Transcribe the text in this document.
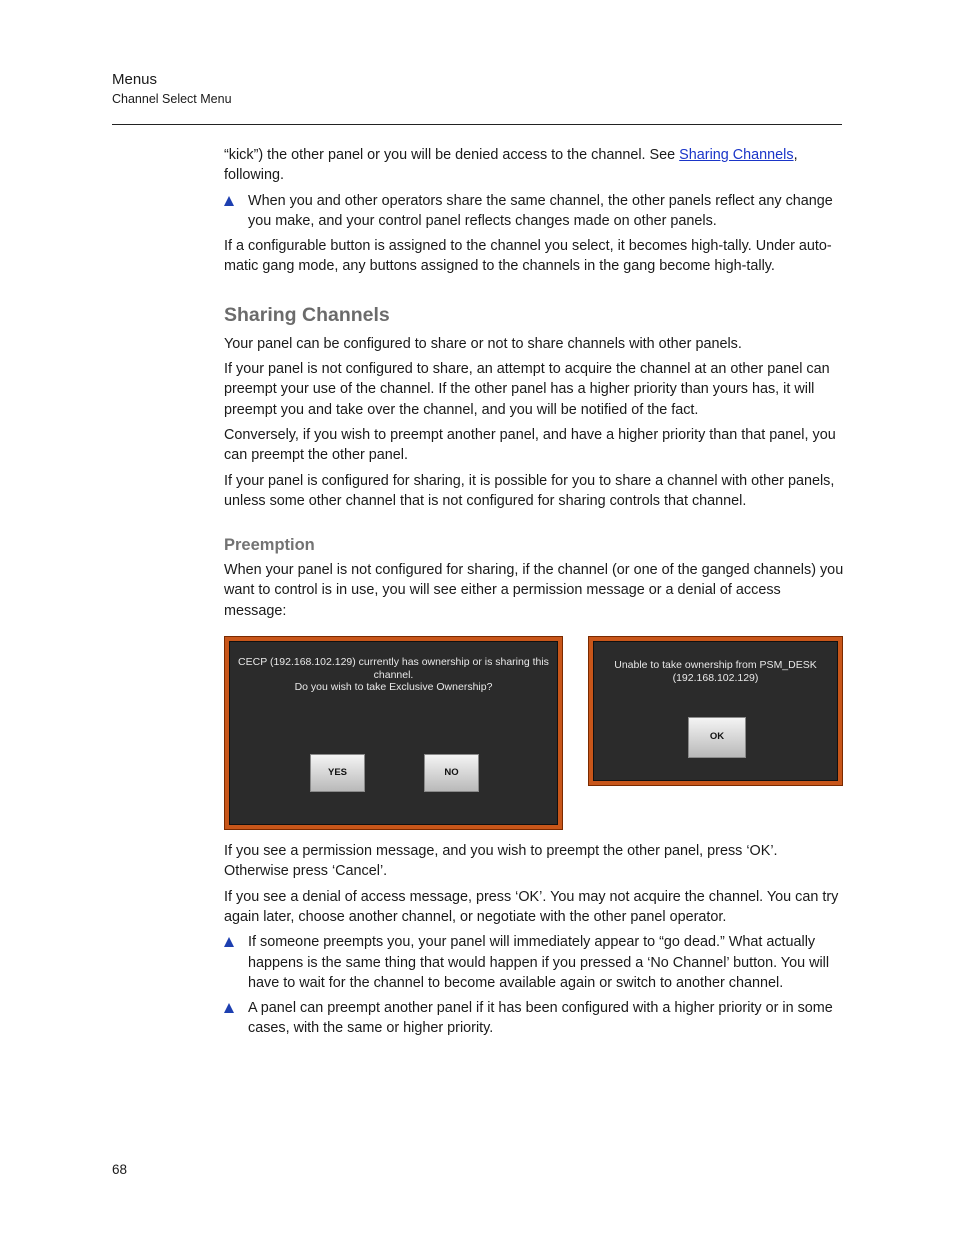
Menus
Channel Select Menu

“kick”) the other panel or you will be denied access to the channel. See Sharing Channels,
following.

When you and other operators share the same channel, the other panels reflect any change you make, and your control panel reflects changes made on other panels.

If a configurable button is assigned to the channel you select, it becomes high-tally. Under auto-matic gang mode, any buttons assigned to the channels in the gang become high-tally.

Sharing Channels

Your panel can be configured to share or not to share channels with other panels.

If your panel is not configured to share, an attempt to acquire the channel at an other panel can preempt your use of the channel. If the other panel has a higher priority than yours has, it will preempt you and take over the channel, and you will be notified of the fact.

Conversely, if you wish to preempt another panel, and have a higher priority than that panel, you can preempt the other panel.

If your panel is configured for sharing, it is possible for you to share a channel with other panels, unless some other channel that is not configured for sharing controls that channel.

Preemption

When your panel is not configured for sharing, if the channel (or one of the ganged channels) you want to control is in use, you will see either a permission message or a denial of access message:

CECP (192.168.102.129) currently has ownership or is sharing this
channel.
Do you wish to take Exclusive Ownership?
YES	NO
Unable to take ownership from PSM_DESK
(192.168.102.129)
OK

If you see a permission message, and you wish to preempt the other panel, press ‘OK’. Otherwise press ‘Cancel’.

If you see a denial of access message, press ‘OK’. You may not acquire the channel. You can try again later, choose another channel, or negotiate with the other panel operator.

If someone preempts you, your panel will immediately appear to “go dead.” What actually happens is the same thing that would happen if you pressed a ‘No Channel’ button. You will have to wait for the channel to become available again or switch to another channel.
A panel can preempt another panel if it has been configured with a higher priority or in some cases, with the same or higher priority.
68
